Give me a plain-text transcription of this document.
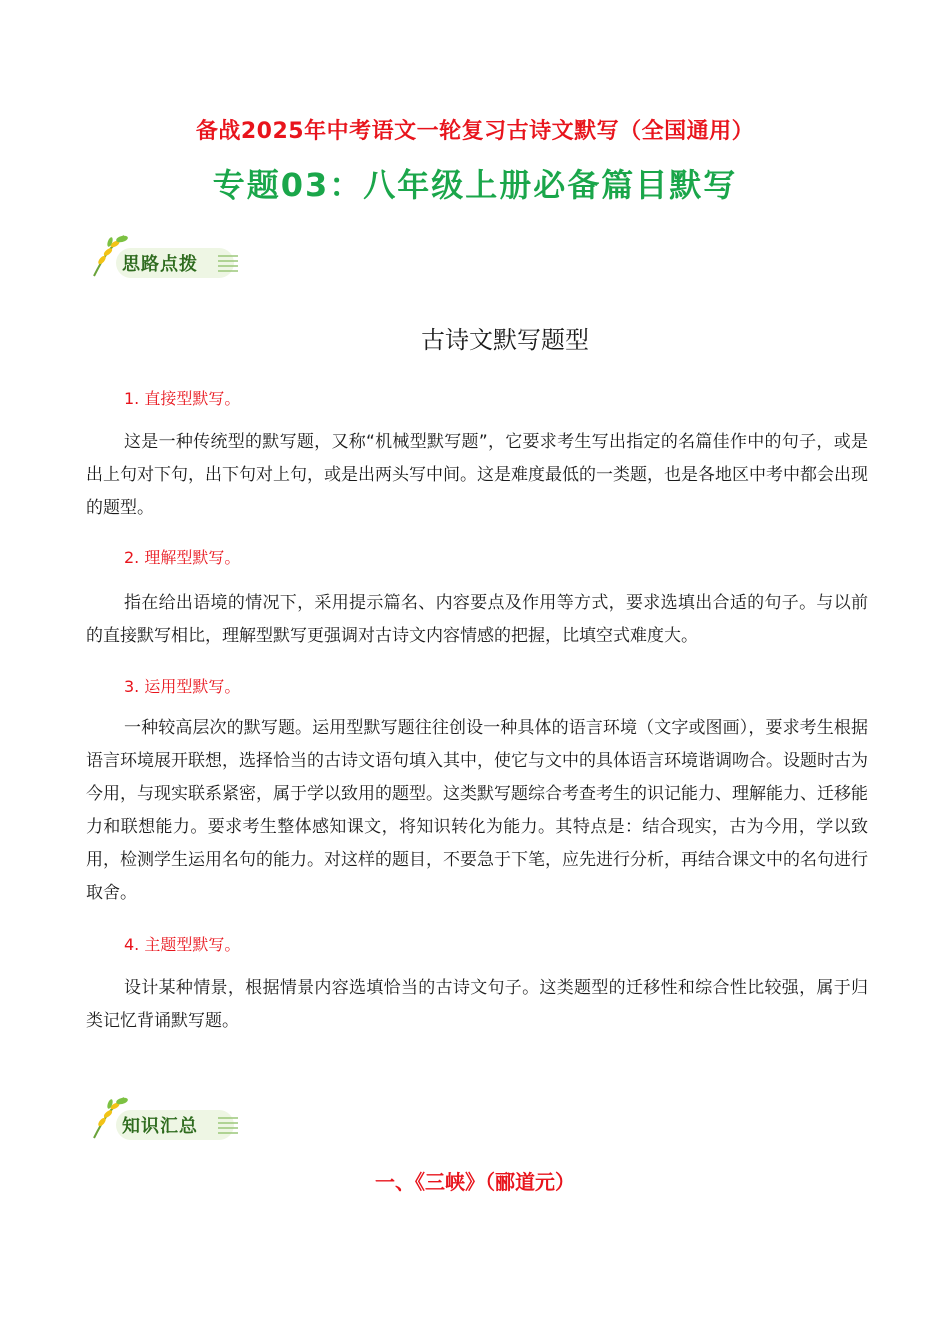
备战2025年中考语文一轮复习古诗文默写（全国通用）
专题03：八年级上册必备篇目默写
思路点拨
古诗文默写题型
1. 直接型默写。
这是一种传统型的默写题，又称“机械型默写题”，它要求考生写出指定的名篇佳作中的句子，或是出上句对下句，出下句对上句，或是出两头写中间。这是难度最低的一类题，也是各地区中考中都会出现的题型。
2. 理解型默写。
指在给出语境的情况下，采用提示篇名、内容要点及作用等方式，要求选填出合适的句子。与以前的直接默写相比，理解型默写更强调对古诗文内容情感的把握，比填空式难度大。
3. 运用型默写。
一种较高层次的默写题。运用型默写题往往创设一种具体的语言环境（文字或图画），要求考生根据语言环境展开联想，选择恰当的古诗文语句填入其中，使它与文中的具体语言环境谐调吻合。设题时古为今用，与现实联系紧密，属于学以致用的题型。这类默写题综合考查考生的识记能力、理解能力、迁移能力和联想能力。要求考生整体感知课文，将知识转化为能力。其特点是：结合现实，古为今用，学以致用，检测学生运用名句的能力。对这样的题目，不要急于下笔，应先进行分析，再结合课文中的名句进行取舍。
4. 主题型默写。
设计某种情景，根据情景内容选填恰当的古诗文句子。这类题型的迁移性和综合性比较强，属于归类记忆背诵默写题。
知识汇总
一、《三峡》（郦道元）
